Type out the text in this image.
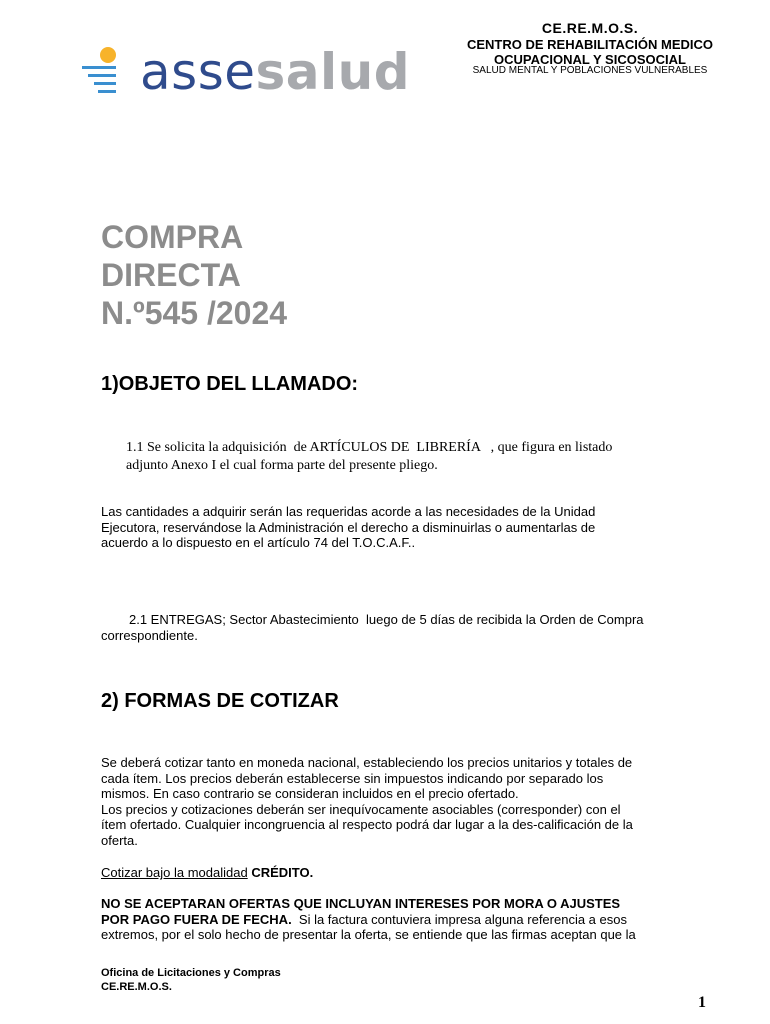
assesalud
CE.RE.M.O.S.
CENTRO DE REHABILITACIÓN MEDICO
OCUPACIONAL Y SICOSOCIAL
SALUD MENTAL Y POBLACIONES VULNERABLES
COMPRA
DIRECTA
N.º545 /2024
1)OBJETO DEL LLAMADO:
1.1 Se solicita la adquisición  de ARTÍCULOS DE  LIBRERÍA   , que figura en listado
adjunto Anexo I el cual forma parte del presente pliego.
Las cantidades a adquirir serán las requeridas acorde a las necesidades de la Unidad
Ejecutora, reservándose la Administración el derecho a disminuirlas o aumentarlas de
acuerdo a lo dispuesto en el artículo 74 del T.O.C.A.F..
2.1 ENTREGAS; Sector Abastecimiento  luego de 5 días de recibida la Orden de Compra
correspondiente.
2) FORMAS DE COTIZAR
Se deberá cotizar tanto en moneda nacional, estableciendo los precios unitarios y totales de
cada ítem. Los precios deberán establecerse sin impuestos indicando por separado los
mismos. En caso contrario se consideran incluidos en el precio ofertado.
Los precios y cotizaciones deberán ser inequívocamente asociables (corresponder) con el
ítem ofertado. Cualquier incongruencia al respecto podrá dar lugar a la des-calificación de la
oferta.
Cotizar bajo la modalidad CRÉDITO.
NO SE ACEPTARAN OFERTAS QUE INCLUYAN INTERESES POR MORA O AJUSTES
POR PAGO FUERA DE FECHA.  Si la factura contuviera impresa alguna referencia a esos
extremos, por el solo hecho de presentar la oferta, se entiende que las firmas aceptan que la
Oficina de Licitaciones y Compras
CE.RE.M.O.S.
1
